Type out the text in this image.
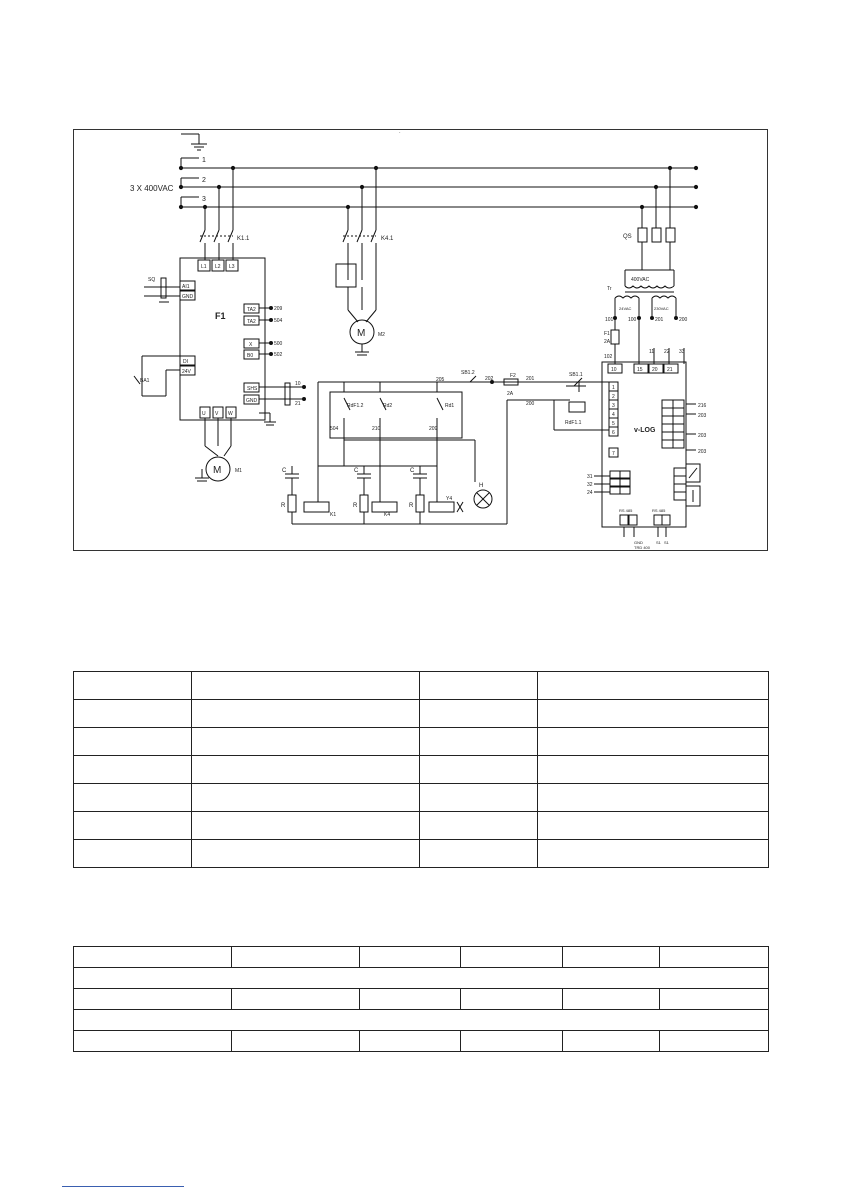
1
2
3
3 X 400VAC
·
K1.1
F1
L1 L2 L3
AI1
GND
DI
24V
TA2
TA2
X
B0
SHS
GND
U V W
209
504
500
502
10
21
SQ
BA1
M	M1
K4.1
M	M2
RdF1.2	Rd2	Rd1
205
504	210	209
H
SB1.2
202	F2
2A
201
200
C
R
C
R
C
R
K1	K4
Y4
QS
400VAC
Tr
24VAC	230VAC
101	100	201	200
F1
2A
102
v-LOG
11 22 33
10	15 20 21
1
2
3
4
5
6
7
216
203
203
203
31
32
24
RS 485	RS 485
GND
TRD 400
S1 S1
SB1.1
RdF1.1
